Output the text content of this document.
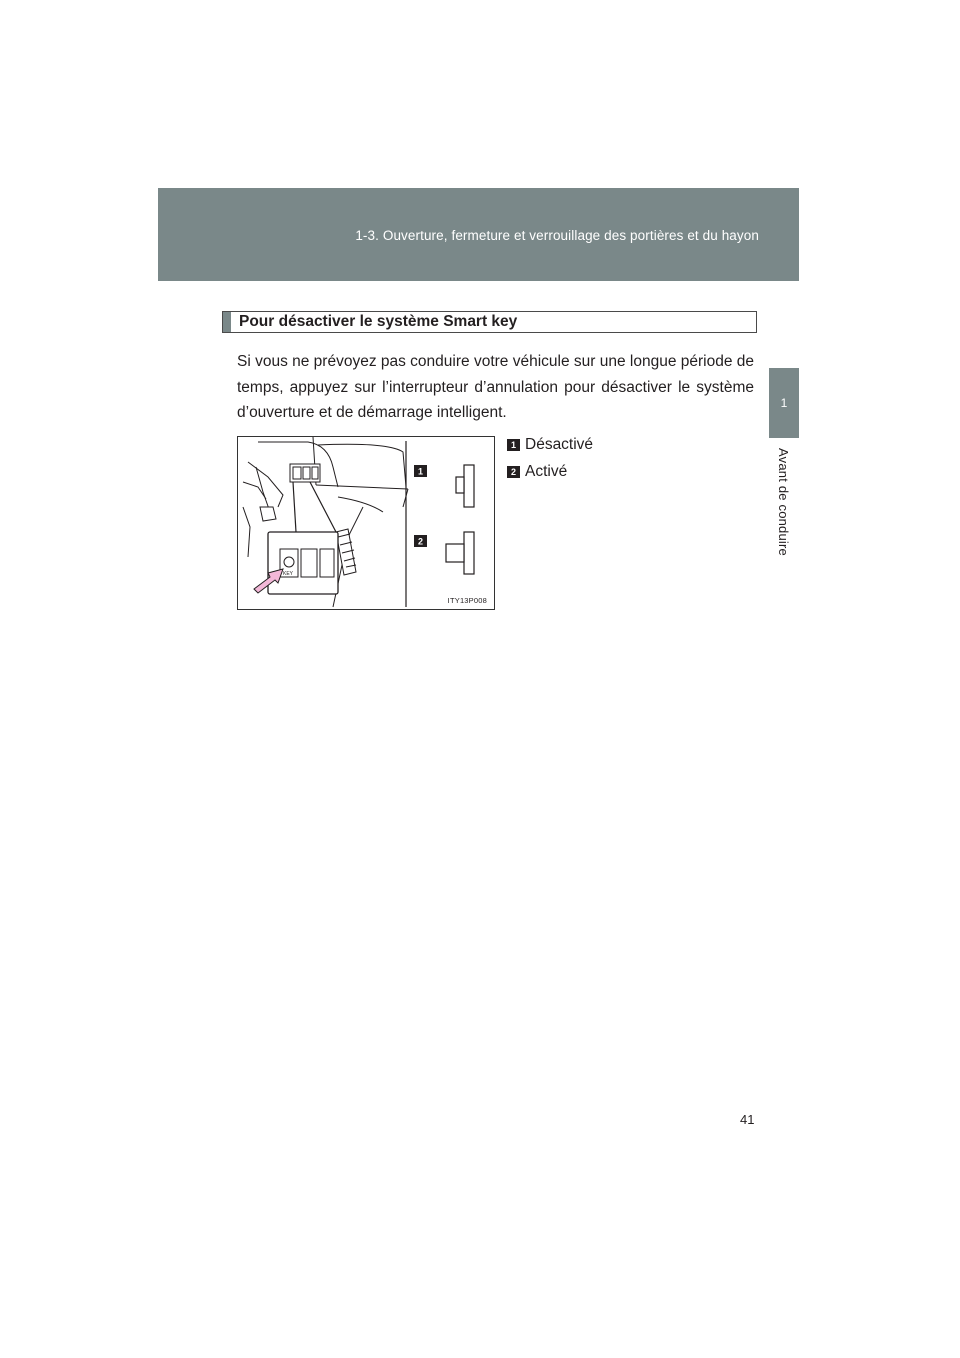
1-3. Ouverture, fermeture et verrouillage des portières et du hayon
1
Avant de conduire
Pour désactiver le système Smart key

Si vous ne prévoyez pas conduire votre véhicule sur une longue période de temps, appuyez sur l’interrupteur d’annulation pour désactiver le système d’ouverture et de démarrage intelligent.

KEY
1
2
ITY13P008
1 Désactivé
2 Activé
41
